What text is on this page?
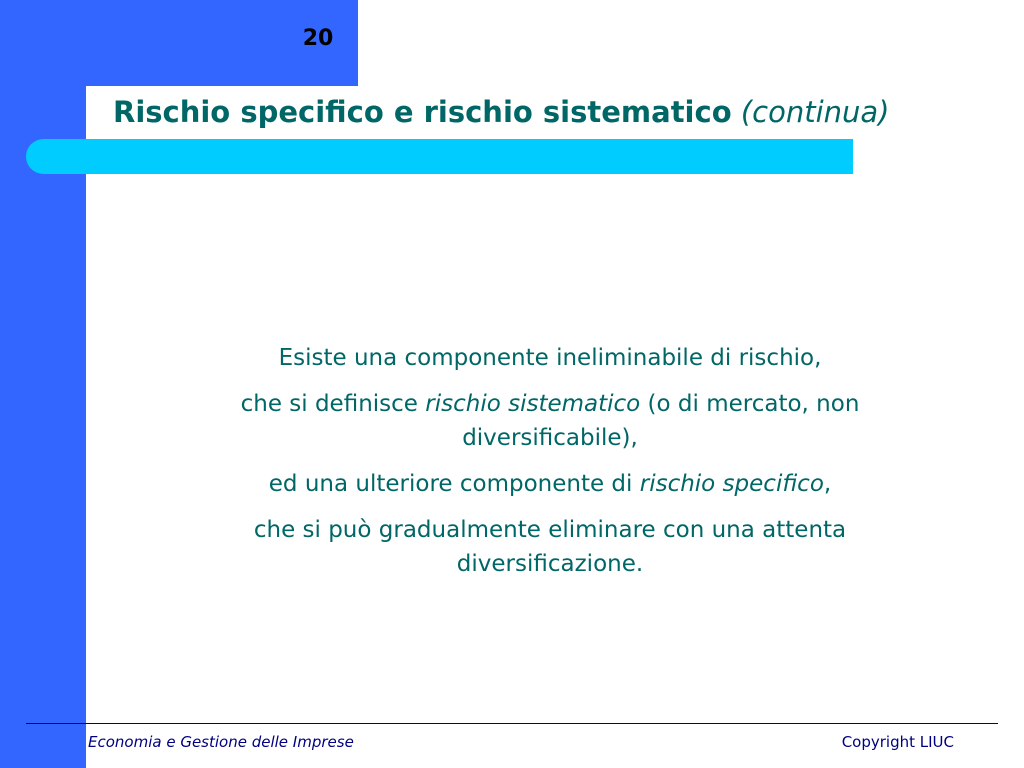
20
Rischio specifico e rischio sistematico (continua)

Esiste una componente ineliminabile di rischio,

che si definisce rischio sistematico (o di mercato, non diversificabile),

ed una ulteriore componente di rischio specifico,

che si può gradualmente eliminare con una attenta diversificazione.

Economia e Gestione delle Imprese	Copyright LIUC
